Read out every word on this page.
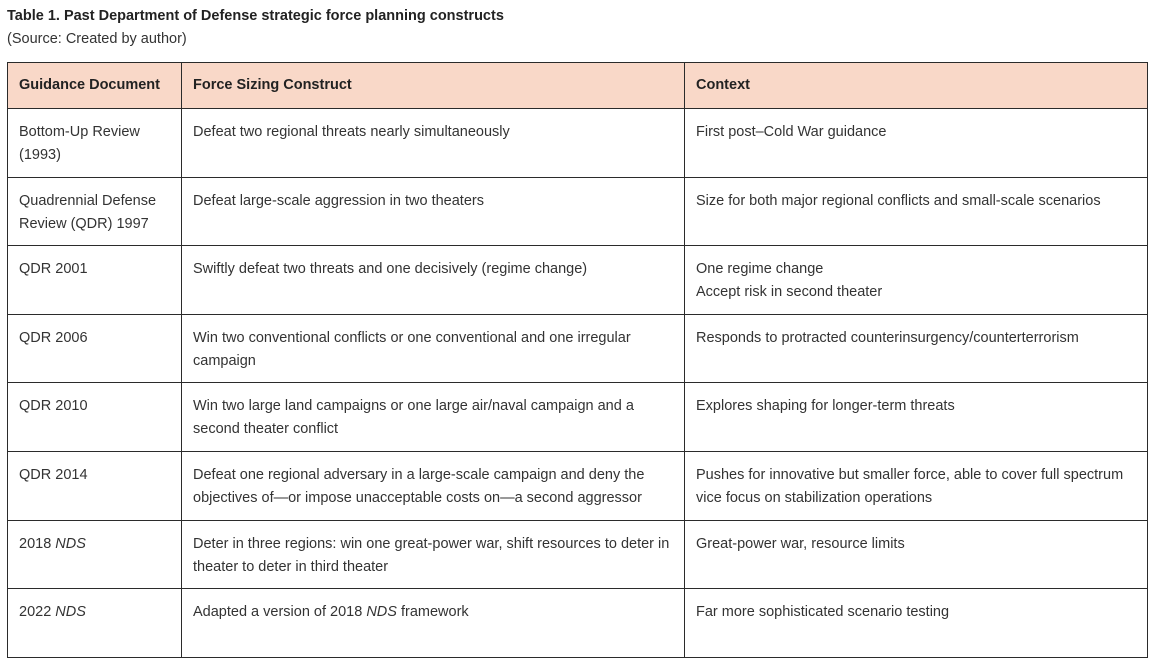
Table 1. Past Department of Defense strategic force planning constructs
(Source: Created by author)
Guidance Document	Force Sizing Construct	Context
Bottom-Up Review (1993)	Defeat two regional threats nearly simultaneously	First post–Cold War guidance

Quadrennial Defense Review (QDR) 1997	Defeat large-scale aggression in two theaters	Size for both major regional conflicts and small-scale scenarios

QDR 2001	Swiftly defeat two threats and one decisively (regime change)	One regime change
Accept risk in second theater

QDR 2006	Win two conventional conflicts or one conventional and one irregular campaign	Responds to protracted counterinsurgency/counterterrorism

QDR 2010	Win two large land campaigns or one large air/naval campaign and a second theater conflict	Explores shaping for longer-term threats

QDR 2014	Defeat one regional adversary in a large-scale campaign and deny the objectives of—or impose unacceptable costs on—a second aggressor	Pushes for innovative but smaller force, able to cover full spectrum vice focus on stabilization operations

2018 NDS	Deter in three regions: win one great-power war, shift resources to deter in theater to deter in third theater	Great-power war, resource limits

2022 NDS	Adapted a version of 2018 NDS framework	Far more sophisticated scenario testing
